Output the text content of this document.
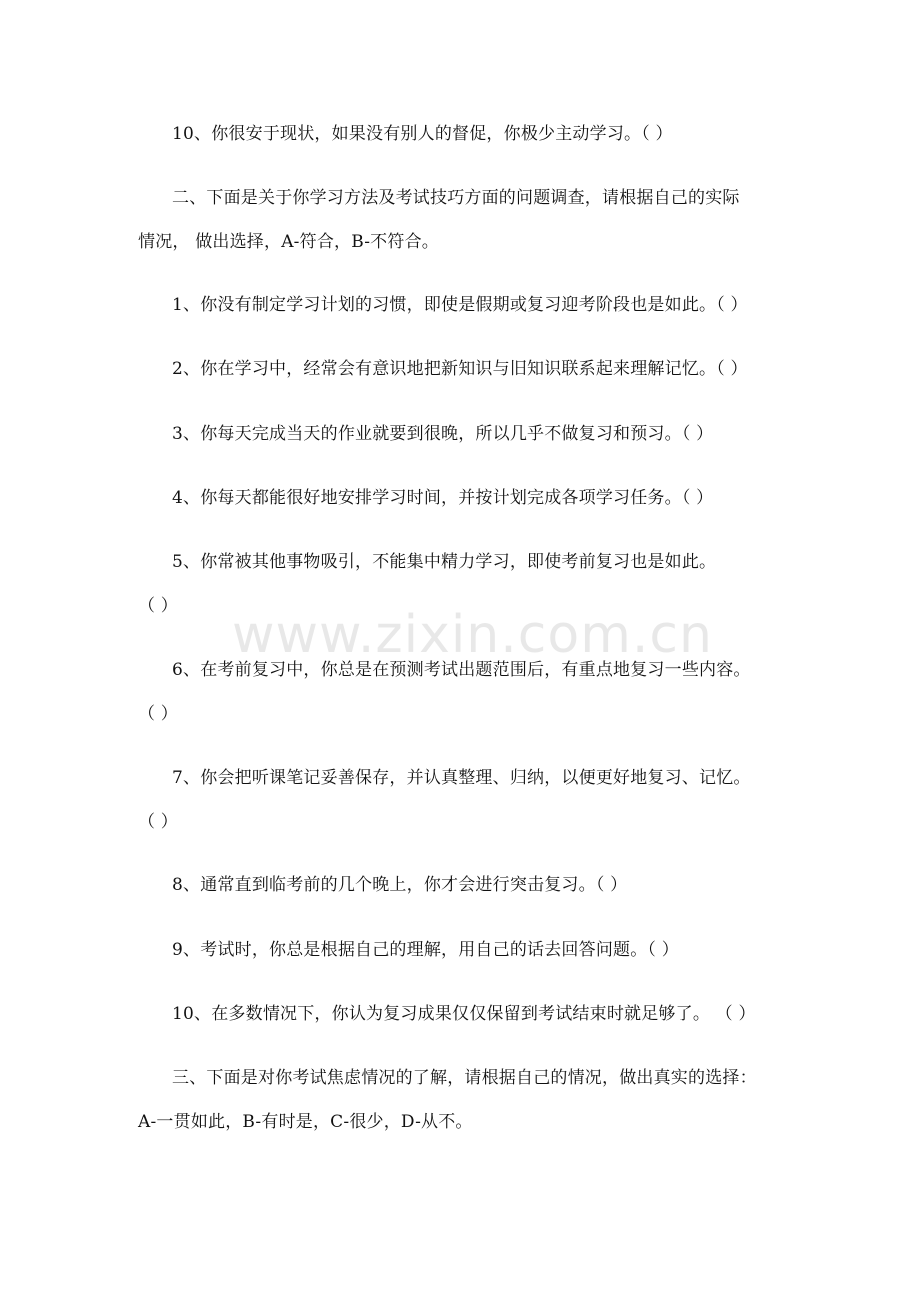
10、你很安于现状，如果没有别人的督促，你极少主动学习。（ ）
二、下面是关于你学习方法及考试技巧方面的问题调查，请根据自己的实际
情况， 做出选择，A-符合，B-不符合。
1、你没有制定学习计划的习惯，即使是假期或复习迎考阶段也是如此。（ ）
2、你在学习中，经常会有意识地把新知识与旧知识联系起来理解记忆。（ ）
3、你每天完成当天的作业就要到很晚，所以几乎不做复习和预习。（ ）
4、你每天都能很好地安排学习时间，并按计划完成各项学习任务。（ ）
5、你常被其他事物吸引，不能集中精力学习，即使考前复习也是如此。
（ ）
6、在考前复习中，你总是在预测考试出题范围后，有重点地复习一些内容。
（ ）
7、你会把听课笔记妥善保存，并认真整理、归纳，以便更好地复习、记忆。
（ ）
8、通常直到临考前的几个晚上，你才会进行突击复习。（ ）
9、考试时，你总是根据自己的理解，用自己的话去回答问题。（ ）
10、在多数情况下，你认为复习成果仅仅保留到考试结束时就足够了。 （ ）
三、下面是对你考试焦虑情况的了解，请根据自己的情况，做出真实的选择：
A-一贯如此，B-有时是，C-很少，D-从不。
www.zixin.com.cn
